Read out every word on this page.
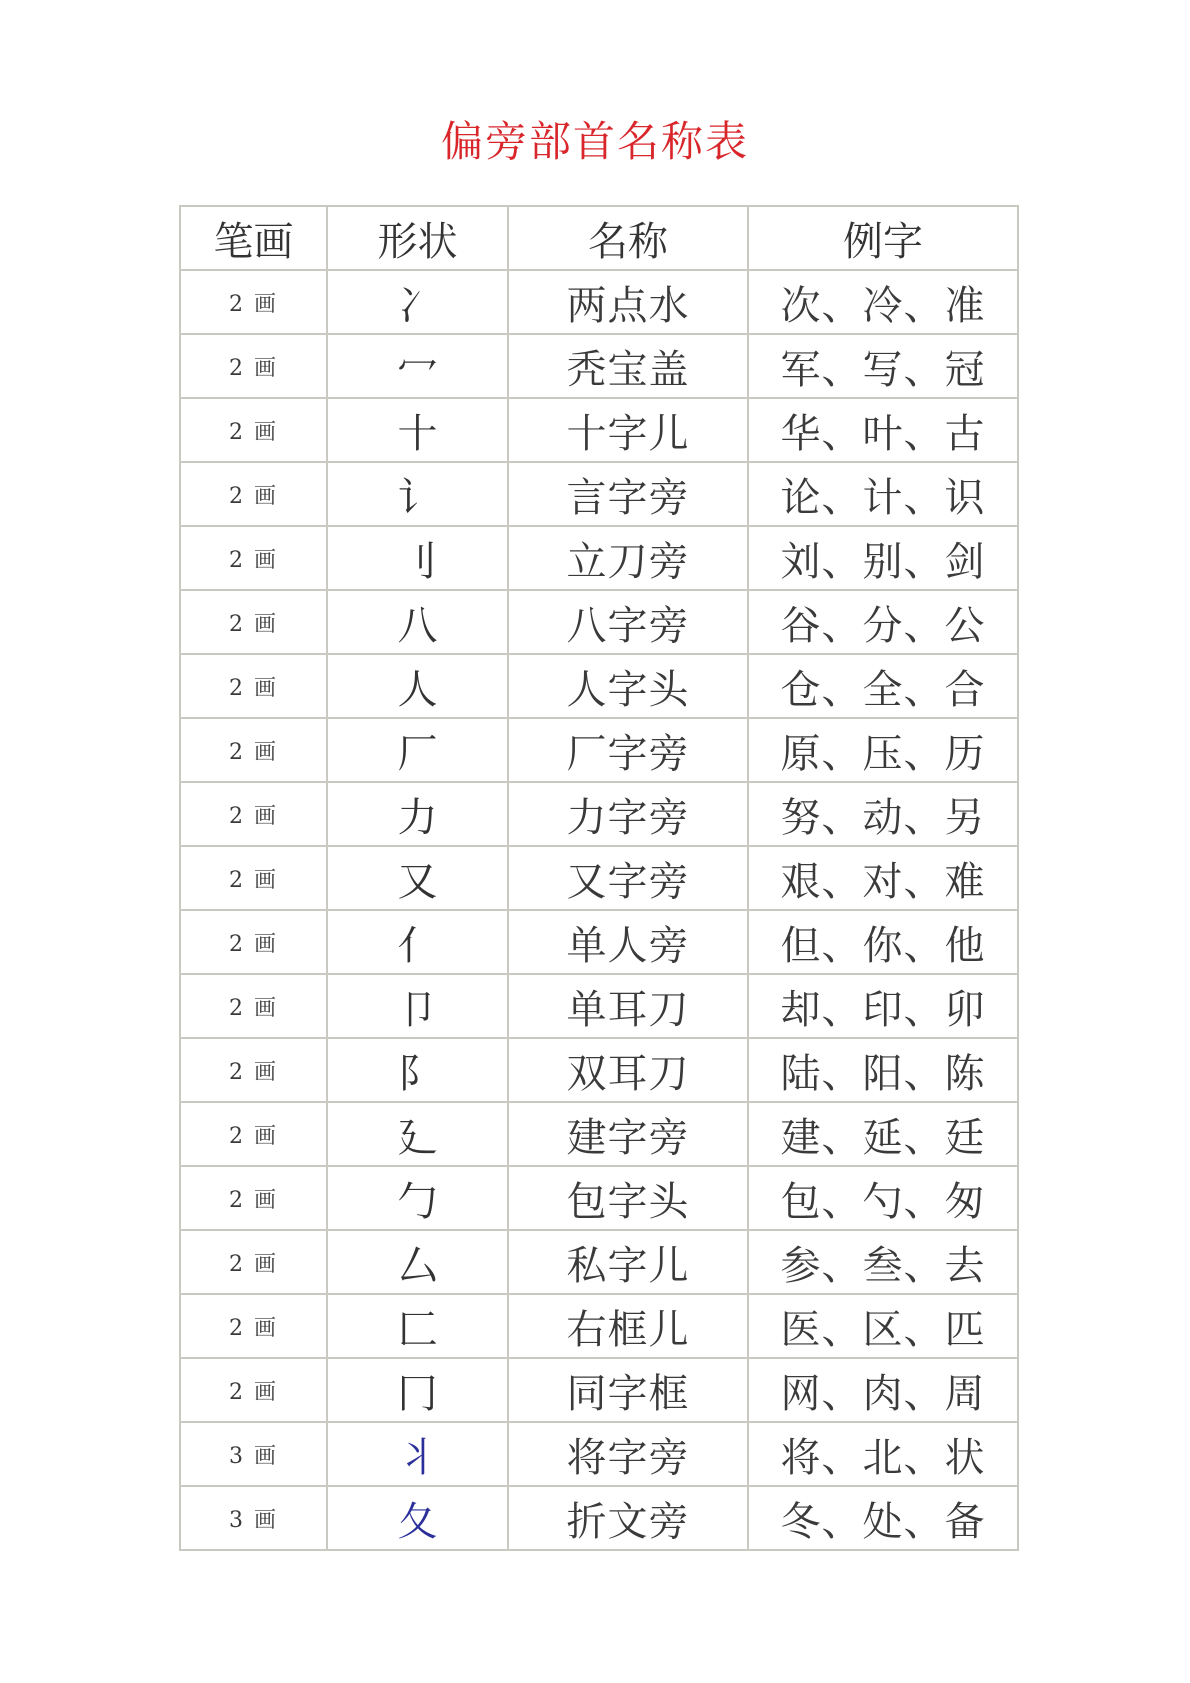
偏旁部首名称表
笔画	形状	名称	例字
2 画	冫	两点水	次、冷、准
2 画	冖	秃宝盖	军、写、冠
2 画	十	十字儿	华、叶、古
2 画	讠	言字旁	论、计、识
2 画	刂	立刀旁	刘、别、剑
2 画	八	八字旁	谷、分、公
2 画	人	人字头	仓、全、合
2 画	厂	厂字旁	原、压、历
2 画	力	力字旁	努、动、另
2 画	又	又字旁	艰、对、难
2 画	亻	单人旁	但、你、他
2 画	卩	单耳刀	却、印、卯
2 画	阝	双耳刀	陆、阳、陈
2 画	廴	建字旁	建、延、廷
2 画	勹	包字头	包、勺、匆
2 画	厶	私字儿	参、叁、去
2 画	匚	右框儿	医、区、匹
2 画	冂	同字框	网、肉、周
3 画	丬	将字旁	将、北、状
3 画	夂	折文旁	冬、处、备
